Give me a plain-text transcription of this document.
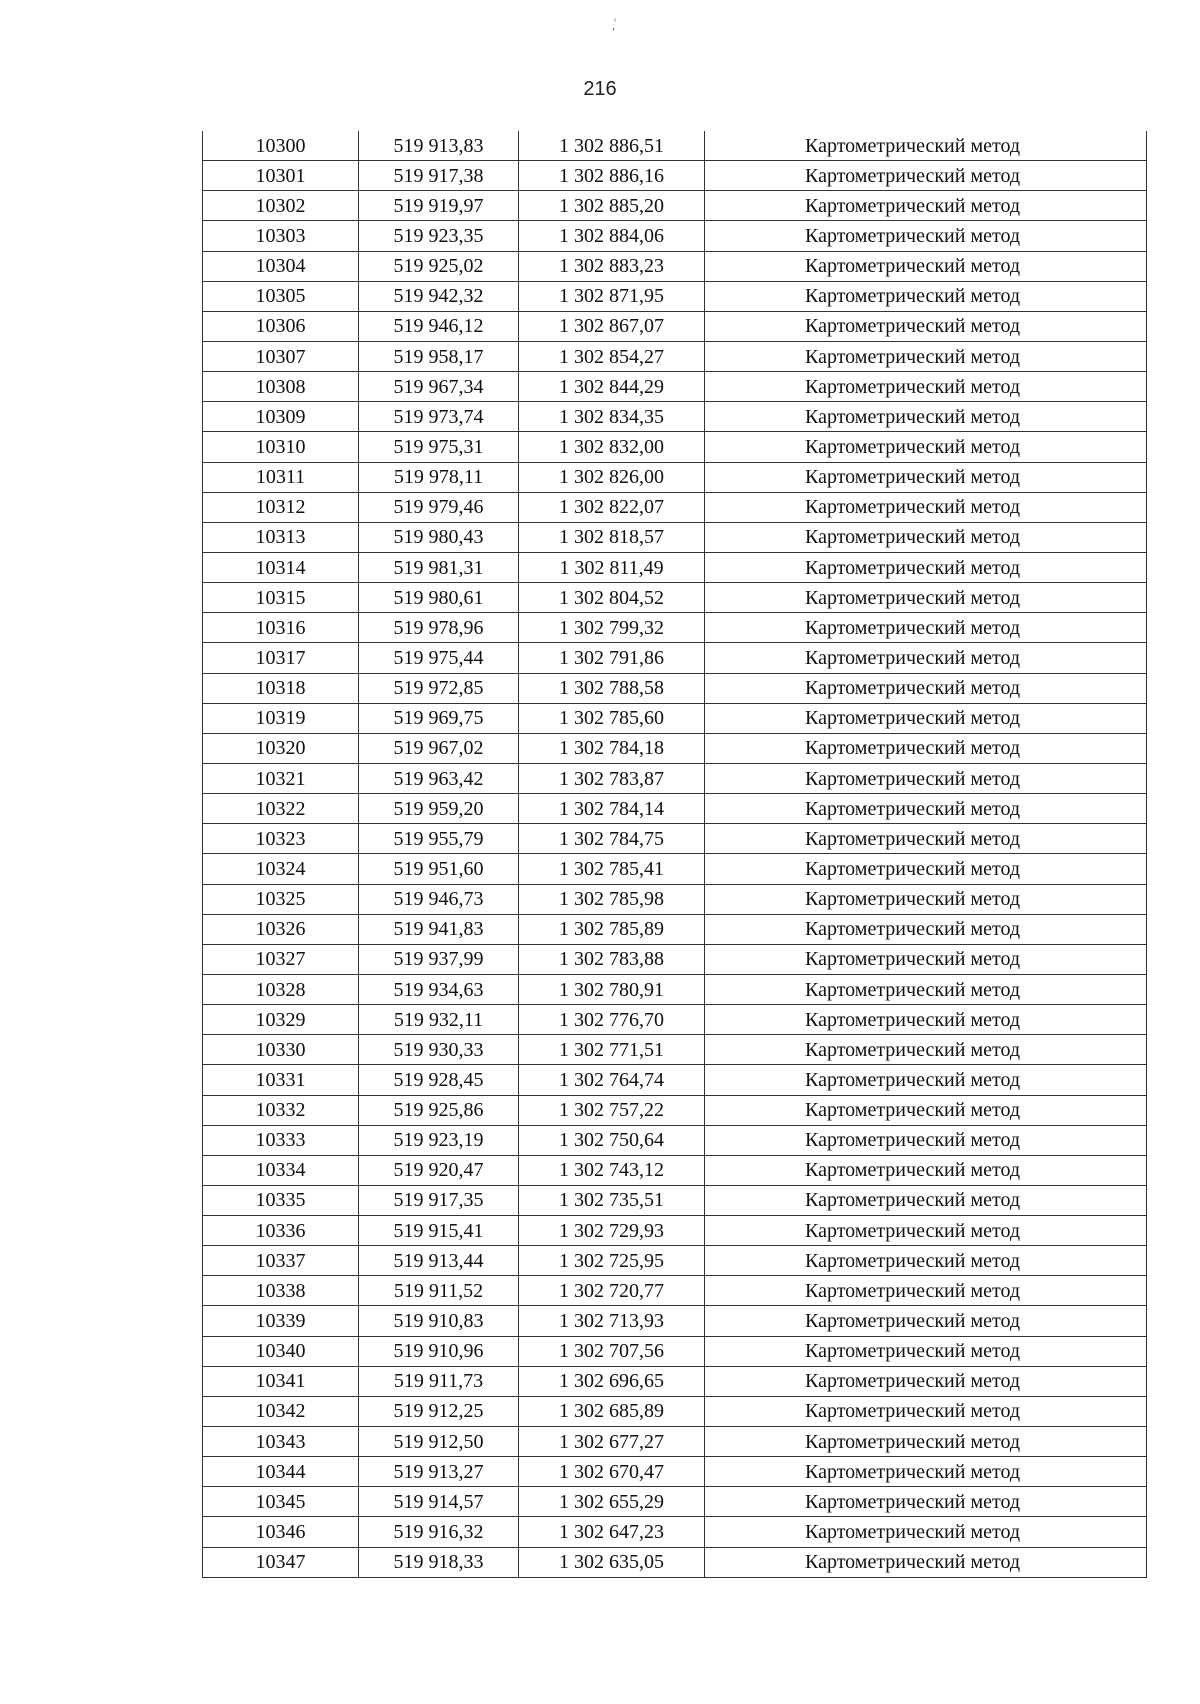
ٰ,
216
10300	519 913,83	1 302 886,51	Картометрический метод
10301	519 917,38	1 302 886,16	Картометрический метод
10302	519 919,97	1 302 885,20	Картометрический метод
10303	519 923,35	1 302 884,06	Картометрический метод
10304	519 925,02	1 302 883,23	Картометрический метод
10305	519 942,32	1 302 871,95	Картометрический метод
10306	519 946,12	1 302 867,07	Картометрический метод
10307	519 958,17	1 302 854,27	Картометрический метод
10308	519 967,34	1 302 844,29	Картометрический метод
10309	519 973,74	1 302 834,35	Картометрический метод
10310	519 975,31	1 302 832,00	Картометрический метод
10311	519 978,11	1 302 826,00	Картометрический метод
10312	519 979,46	1 302 822,07	Картометрический метод
10313	519 980,43	1 302 818,57	Картометрический метод
10314	519 981,31	1 302 811,49	Картометрический метод
10315	519 980,61	1 302 804,52	Картометрический метод
10316	519 978,96	1 302 799,32	Картометрический метод
10317	519 975,44	1 302 791,86	Картометрический метод
10318	519 972,85	1 302 788,58	Картометрический метод
10319	519 969,75	1 302 785,60	Картометрический метод
10320	519 967,02	1 302 784,18	Картометрический метод
10321	519 963,42	1 302 783,87	Картометрический метод
10322	519 959,20	1 302 784,14	Картометрический метод
10323	519 955,79	1 302 784,75	Картометрический метод
10324	519 951,60	1 302 785,41	Картометрический метод
10325	519 946,73	1 302 785,98	Картометрический метод
10326	519 941,83	1 302 785,89	Картометрический метод
10327	519 937,99	1 302 783,88	Картометрический метод
10328	519 934,63	1 302 780,91	Картометрический метод
10329	519 932,11	1 302 776,70	Картометрический метод
10330	519 930,33	1 302 771,51	Картометрический метод
10331	519 928,45	1 302 764,74	Картометрический метод
10332	519 925,86	1 302 757,22	Картометрический метод
10333	519 923,19	1 302 750,64	Картометрический метод
10334	519 920,47	1 302 743,12	Картометрический метод
10335	519 917,35	1 302 735,51	Картометрический метод
10336	519 915,41	1 302 729,93	Картометрический метод
10337	519 913,44	1 302 725,95	Картометрический метод
10338	519 911,52	1 302 720,77	Картометрический метод
10339	519 910,83	1 302 713,93	Картометрический метод
10340	519 910,96	1 302 707,56	Картометрический метод
10341	519 911,73	1 302 696,65	Картометрический метод
10342	519 912,25	1 302 685,89	Картометрический метод
10343	519 912,50	1 302 677,27	Картометрический метод
10344	519 913,27	1 302 670,47	Картометрический метод
10345	519 914,57	1 302 655,29	Картометрический метод
10346	519 916,32	1 302 647,23	Картометрический метод
10347	519 918,33	1 302 635,05	Картометрический метод
